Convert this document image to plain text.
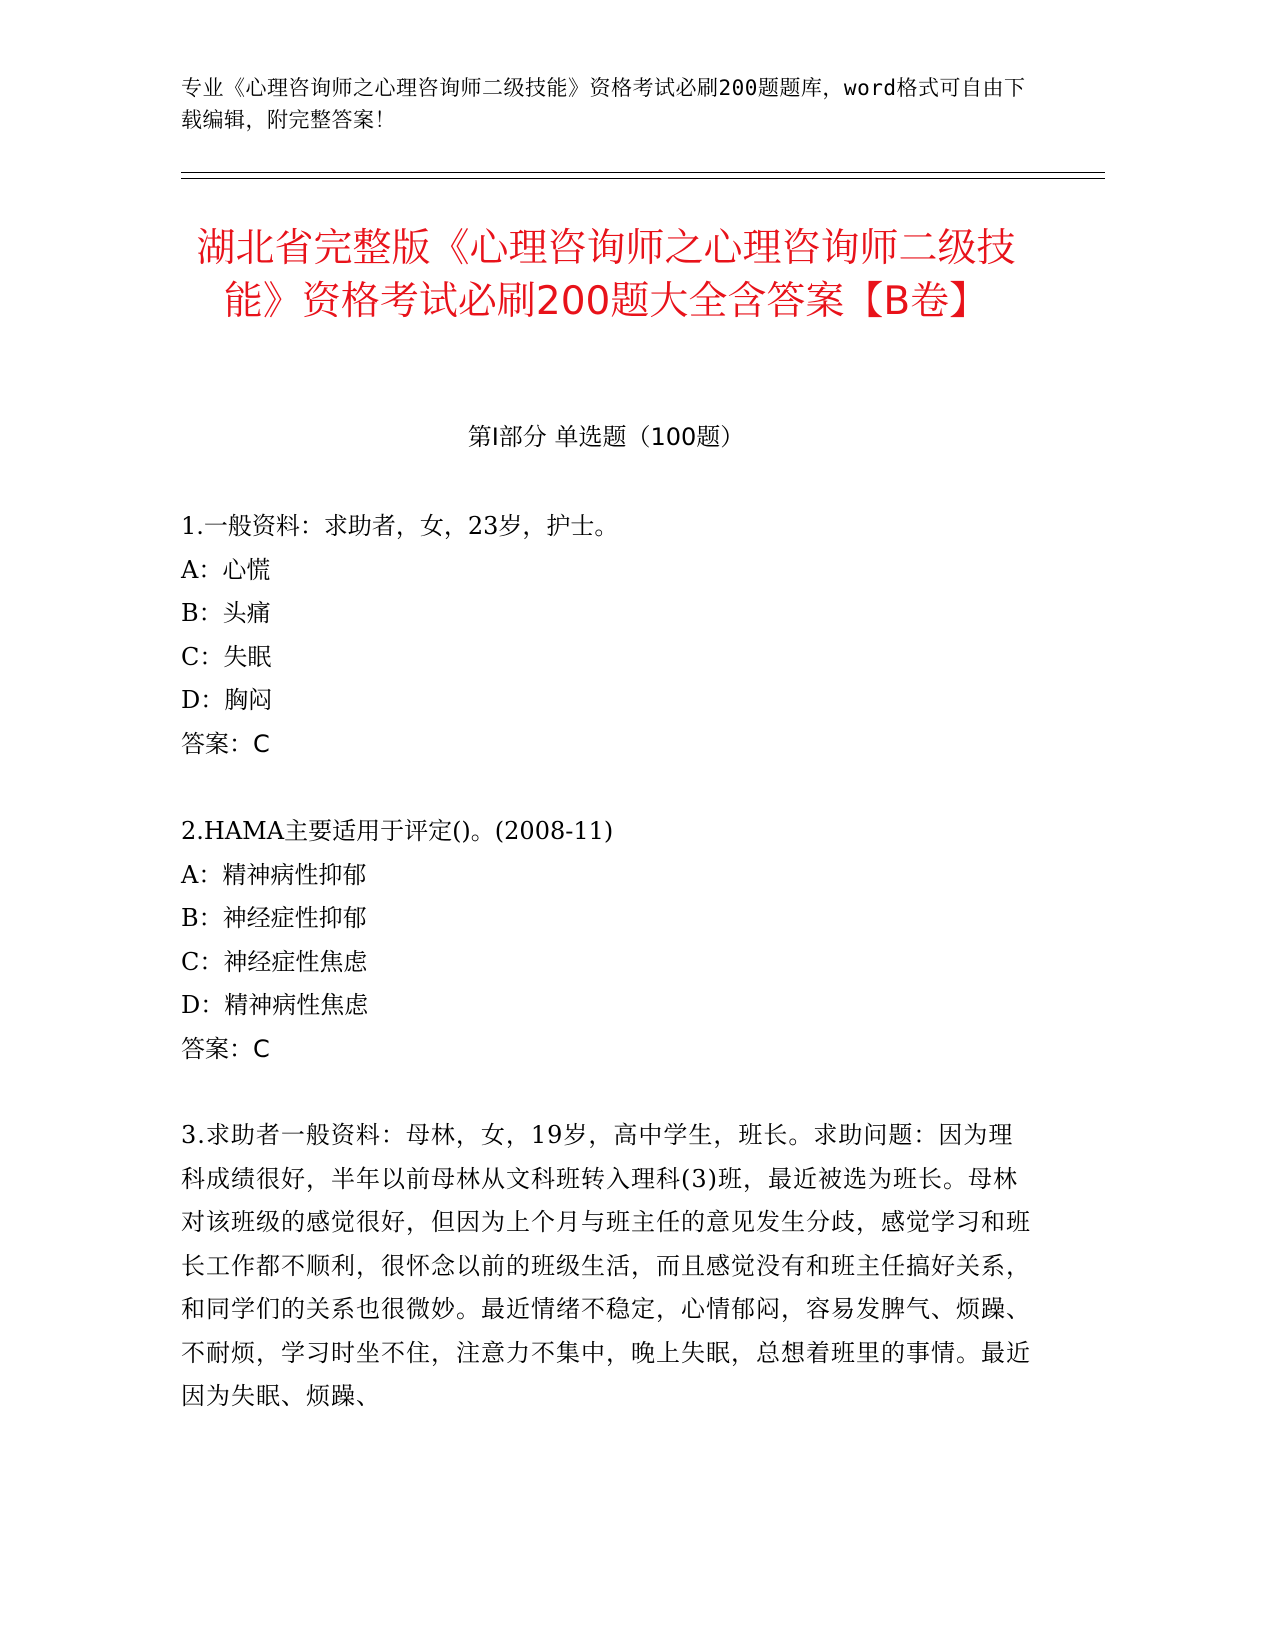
专业《心理咨询师之心理咨询师二级技能》资格考试必刷200题题库，word格式可自由下载编辑，附完整答案！
湖北省完整版《心理咨询师之心理咨询师二级技能》资格考试必刷200题大全含答案【B卷】
第Ⅰ部分 单选题（100题）
1.一般资料：求助者，女，23岁，护士。
A：心慌
B：头痛
C：失眠
D：胸闷
答案：C
2.HAMA主要适用于评定()。(2008-11)
A：精神病性抑郁
B：神经症性抑郁
C：神经症性焦虑
D：精神病性焦虑
答案：C
3.求助者一般资料：母林，女，19岁，高中学生，班长。求助问题：因为理科成绩很好，半年以前母林从文科班转入理科(3)班，最近被选为班长。母林对该班级的感觉很好，但因为上个月与班主任的意见发生分歧，感觉学习和班长工作都不顺利，很怀念以前的班级生活，而且感觉没有和班主任搞好关系，和同学们的关系也很微妙。最近情绪不稳定，心情郁闷，容易发脾气、烦躁、不耐烦，学习时坐不住，注意力不集中，晚上失眠，总想着班里的事情。最近因为失眠、烦躁、
